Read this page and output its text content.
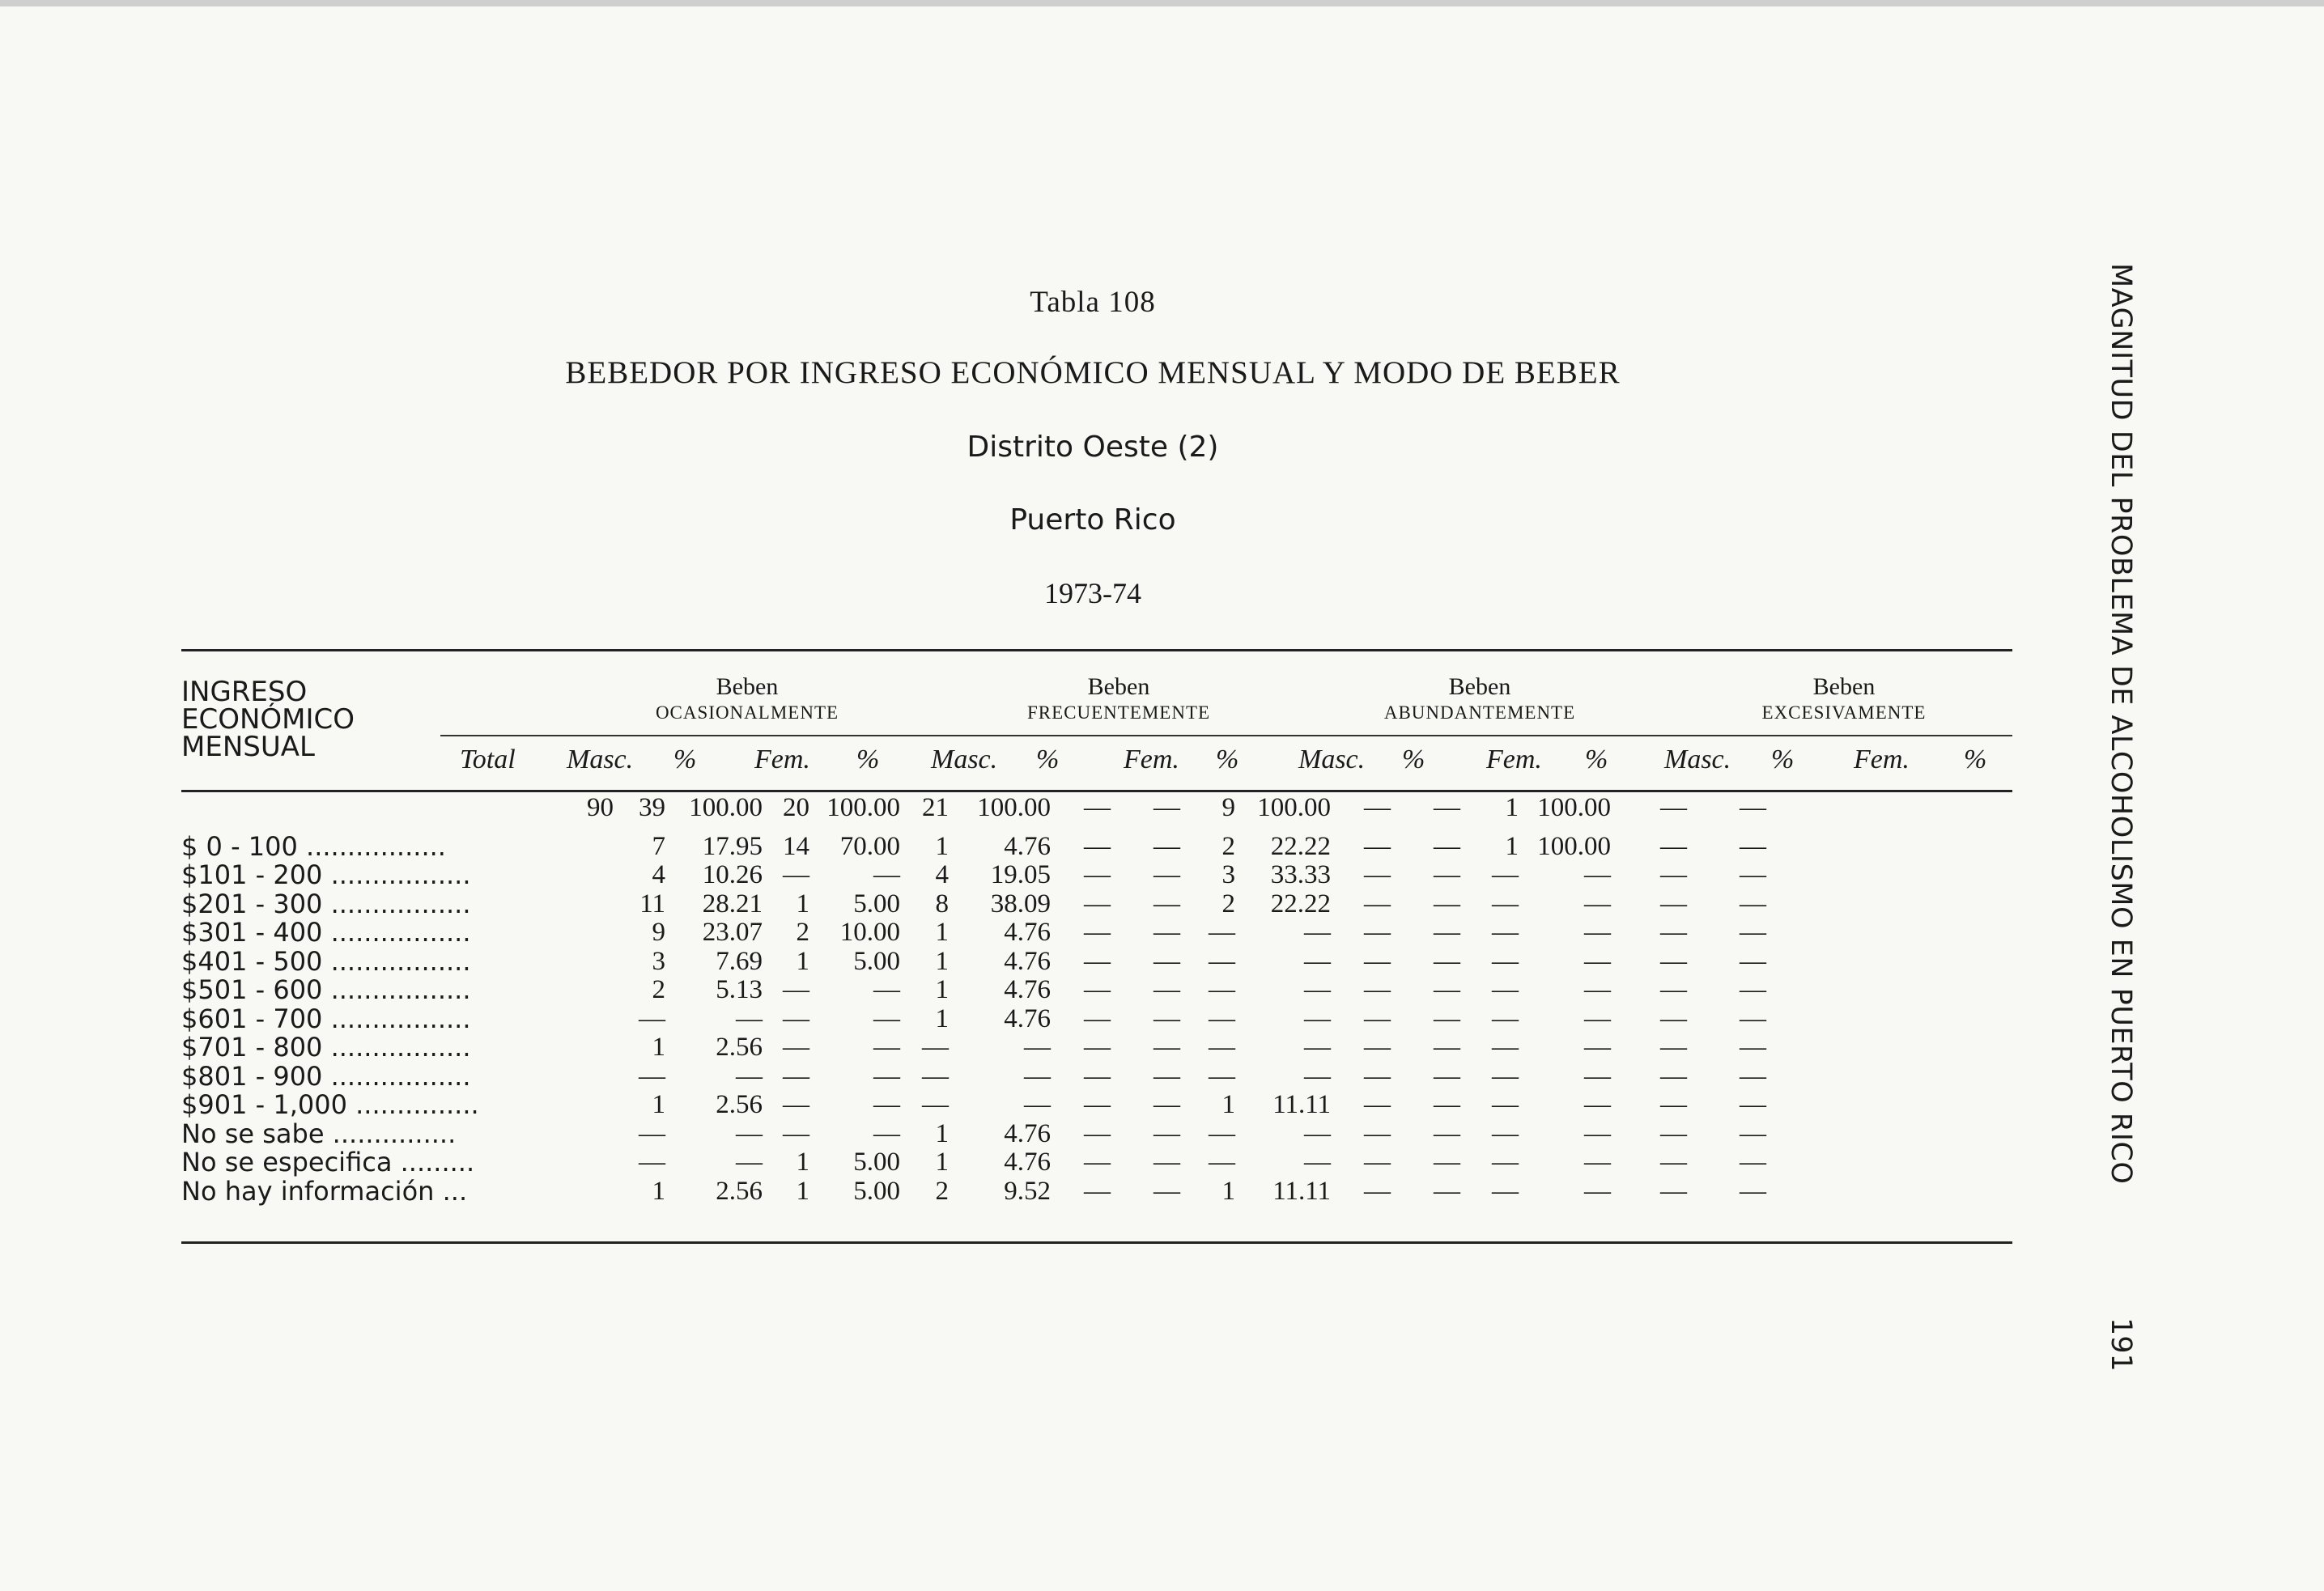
Tabla 108
BEBEDOR POR INGRESO ECONÓMICO MENSUAL Y MODO DE BEBER
Distrito Oeste (2)
Puerto Rico
1973-74	MAGNITUD DEL PROBLEMA DE ALCOHOLISMO EN PUERTO RICO
191
INGRESO
ECONÓMICO
MENSUAL
Beben
OCASIONALMENTE
Beben
FRECUENTEMENTE
Beben
ABUNDANTEMENTE
Beben
EXCESIVAMENTE
Total Masc. % Fem. % Masc. % Fem. % Masc. % Fem. % Masc. % Fem. %
	90	39	100.00	20	100.00	21	100.00	—	—	9	100.00	—	—	1	100.00	—	—

$ 0 - 100 .................		7	17.95	14	70.00	1	4.76	—	—	2	22.22	—	—	1	100.00	—	—
$101 - 200 .................		4	10.26	—	—	4	19.05	—	—	3	33.33	—	—	—	—	—	—
$201 - 300 .................		11	28.21	1	5.00	8	38.09	—	—	2	22.22	—	—	—	—	—	—
$301 - 400 .................		9	23.07	2	10.00	1	4.76	—	—	—	—	—	—	—	—	—	—
$401 - 500 .................		3	7.69	1	5.00	1	4.76	—	—	—	—	—	—	—	—	—	—
$501 - 600 .................		2	5.13	—	—	1	4.76	—	—	—	—	—	—	—	—	—	—
$601 - 700 .................		—	—	—	—	1	4.76	—	—	—	—	—	—	—	—	—	—
$701 - 800 .................		1	2.56	—	—	—	—	—	—	—	—	—	—	—	—	—	—
$801 - 900 .................		—	—	—	—	—	—	—	—	—	—	—	—	—	—	—	—
$901 - 1,000 ...............		1	2.56	—	—	—	—	—	—	1	11.11	—	—	—	—	—	—
No se sabe ...............		—	—	—	—	1	4.76	—	—	—	—	—	—	—	—	—	—
No se especifica .........		—	—	1	5.00	1	4.76	—	—	—	—	—	—	—	—	—	—
No hay información ...		1	2.56	1	5.00	2	9.52	—	—	1	11.11	—	—	—	—	—	—
